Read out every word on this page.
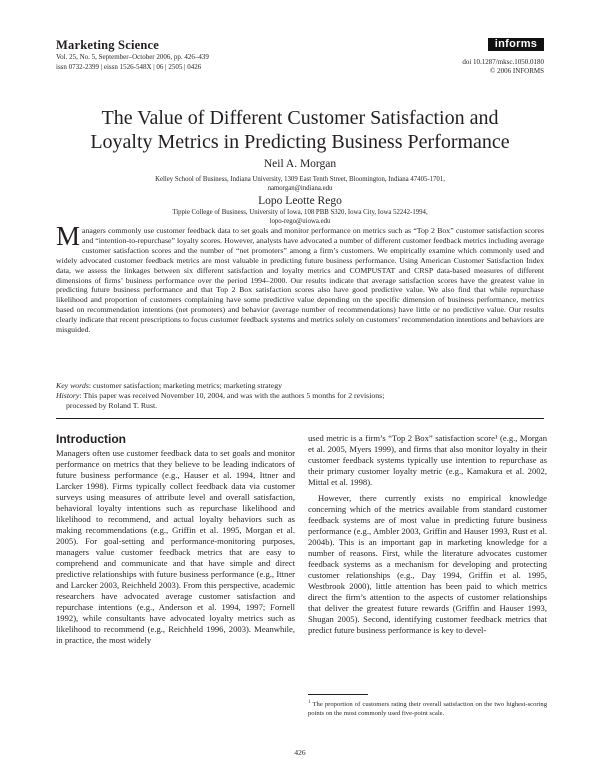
Marketing Science
Vol. 25, No. 5, September–October 2006, pp. 426–439
issn 0732-2399 | eissn 1526-548X | 06 | 2505 | 0426
informs
doi 10.1287/mksc.1050.0180
© 2006 INFORMS
The Value of Different Customer Satisfaction and
Loyalty Metrics in Predicting Business Performance
Neil A. Morgan
Kelley School of Business, Indiana University, 1309 East Tenth Street, Bloomington, Indiana 47405-1701,
namorgan@indiana.edu
Lopo Leotte Rego
Tippie College of Business, University of Iowa, 108 PBB S320, Iowa City, Iowa 52242-1994,
lopo-rego@uiowa.edu
Managers commonly use customer feedback data to set goals and monitor performance on metrics such as “Top 2 Box” customer satisfaction scores and “intention-to-repurchase” loyalty scores. However, analysts have advocated a number of different customer feedback metrics including average customer satisfaction scores and the number of “net promoters” among a firm’s customers. We empirically examine which commonly used and widely advocated customer feedback metrics are most valuable in predicting future business performance. Using American Customer Satisfaction Index data, we assess the linkages between six different satisfaction and loyalty metrics and COMPUSTAT and CRSP data-based measures of different dimensions of firms’ business performance over the period 1994–2000. Our results indicate that average satisfaction scores have the greatest value in predicting future business performance and that Top 2 Box satisfaction scores also have good predictive value. We also find that while repurchase likelihood and proportion of customers complaining have some predictive value depending on the specific dimension of business performance, metrics based on recommendation intentions (net promoters) and behavior (average number of recommendations) have little or no predictive value. Our results clearly indicate that recent prescriptions to focus customer feedback systems and metrics solely on customers’ recommendation intentions and behaviors are misguided.
Key words: customer satisfaction; marketing metrics; marketing strategy
History: This paper was received November 10, 2004, and was with the authors 5 months for 2 revisions;
processed by Roland T. Rust.
Introduction

Managers often use customer feedback data to set goals and monitor performance on metrics that they believe to be leading indicators of future business performance (e.g., Hauser et al. 1994, Ittner and Larcker 1998). Firms typically collect feedback data via customer surveys using measures of attribute level and overall satisfaction, behavioral loyalty intentions such as repurchase likelihood and likelihood to recommend, and actual loyalty behaviors such as making recommendations (e.g., Griffin et al. 1995, Morgan et al. 2005). For goal-setting and performance-monitoring purposes, managers value customer feedback metrics that are easy to comprehend and communicate and that have simple and direct predictive relationships with future business performance (e.g., Ittner and Larcker 2003, Reichheld 2003). From this perspective, academic researchers have advocated average customer satisfaction and repurchase intentions (e.g., Anderson et al. 1994, 1997; Fornell 1992), while consultants have advocated loyalty metrics such as likelihood to recommend (e.g., Reichheld 1996, 2003). Meanwhile, in practice, the most widely

used metric is a firm’s “Top 2 Box” satisfaction score¹ (e.g., Morgan et al. 2005, Myers 1999), and firms that also monitor loyalty in their customer feedback systems typically use intention to repurchase as their primary customer loyalty metric (e.g., Kamakura et al. 2002, Mittal et al. 1998).

However, there currently exists no empirical knowledge concerning which of the metrics available from standard customer feedback systems are of most value in predicting future business performance (e.g., Ambler 2003, Griffin and Hauser 1993, Rust et al. 2004b). This is an important gap in marketing knowledge for a number of reasons. First, while the literature advocates customer feedback systems as a mechanism for developing and protecting customer relationships (e.g., Day 1994, Griffin et al. 1995, Westbrook 2000), little attention has been paid to which metrics direct the firm’s attention to the aspects of customer relationships that deliver the greatest future rewards (Griffin and Hauser 1993, Shugan 2005). Second, identifying customer feedback metrics that predict future business performance is key to devel-

$^1$ The proportion of customers rating their overall satisfaction on the two highest-scoring points on the most commonly used five-point scale.
426
